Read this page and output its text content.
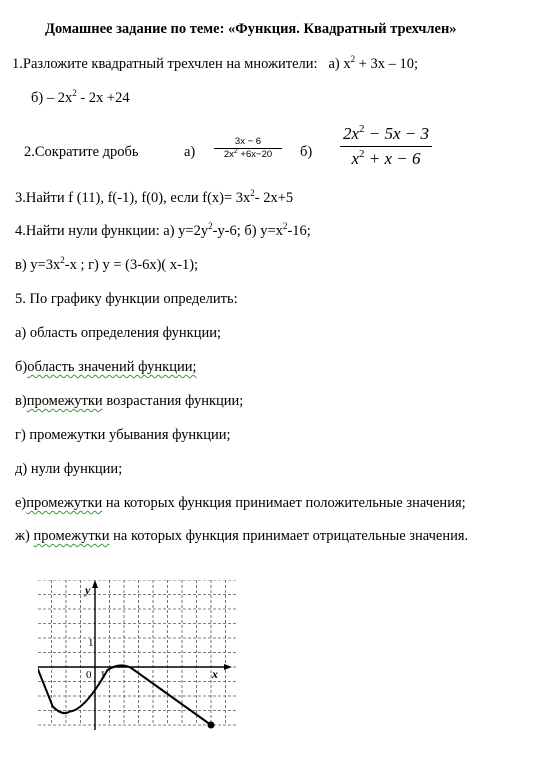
Домашнее задание по теме: «Функция. Квадратный трехчлен»
1.Разложите квадратный трехчлен на множители: а) $x^2 + 3x - 10$;
$б) - 2x^2 - 2x +24$
2.Сократите дробь	а)
3x − 6
$2x^2 +6x-20$	б)
$2x^2 - 5x - 3$
$x^2 + x - 6$
3.Найти f (11), f(-1), f(0), если $f(x)= 3x^2-$ 2x+5
4.Найти нули функции: а) $y=2y^2-y-6$; б) $y=x^2-16$;
в) $y=3x^2-x$ ; г) y = (3-6x)( x-1);
5. По графику функции определить:
а) область определения функции;
б)область значений функции;
в)промежутки возрастания функции;
г) промежутки убывания функции;
д) нули функции;
е)промежутки на которых функция принимает положительные значения;
ж) промежутки на которых функция принимает отрицательные значения.
y
x
0 1
1
